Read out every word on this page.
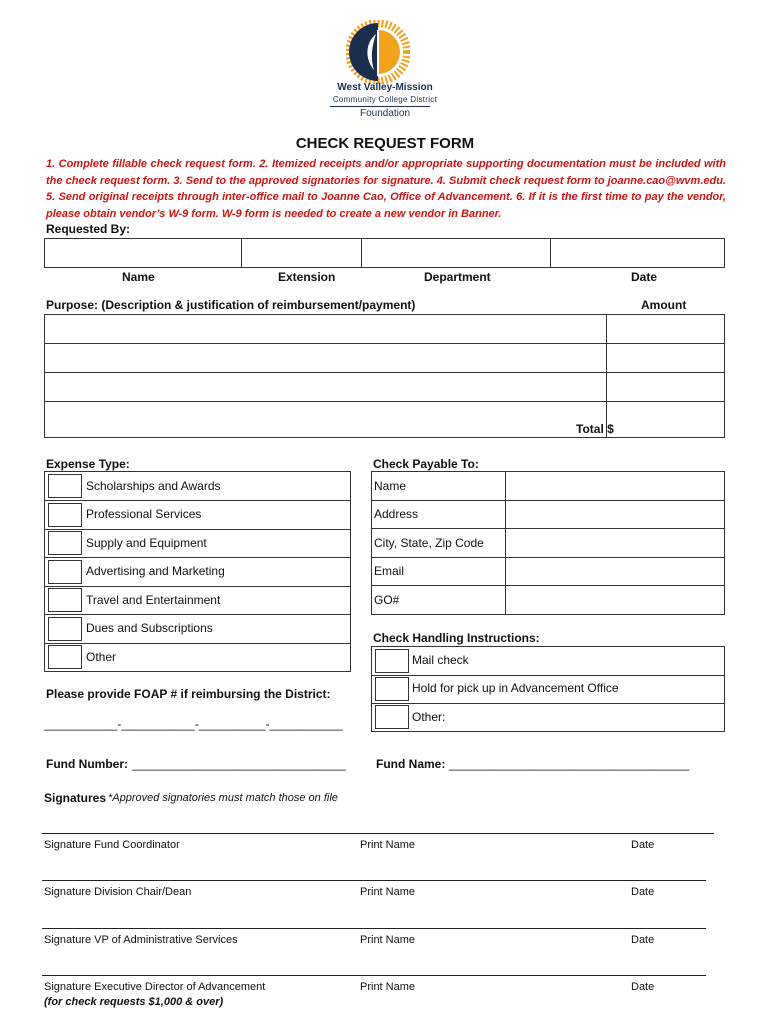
West Valley-Mission
Community College District
Foundation
CHECK REQUEST FORM
1. Complete fillable check request form. 2. Itemized receipts and/or appropriate supporting documentation must be included with the check request form. 3. Send to the approved signatories for signature. 4. Submit check request form to joanne.cao@wvm.edu. 5. Send original receipts through inter-office mail to Joanne Cao, Office of Advancement. 6. If it is the first time to pay the vendor, please obtain vendor’s W-9 form. W-9 form is needed to create a new vendor in Banner.
Requested By:
Name	Extension	Department	Date
Purpose: (Description & justification of reimbursement/payment)	Amount
Total $
Expense Type:
Scholarships and Awards
Professional Services
Supply and Equipment
Advertising and Marketing
Travel and Entertainment
Dues and Subscriptions
Other
Check Payable To:
Name
Address
City, State, Zip Code
Email
GO#
Check Handling Instructions:
Mail check
Hold for pick up in Advancement Office
Other:
Please provide FOAP # if reimbursing the District:
___________-___________-__________-___________
Fund Number: ________________________________	Fund Name: ____________________________________
Signatures *Approved signatories must match those on file
Signature Fund Coordinator	Print Name	Date
Signature Division Chair/Dean	Print Name	Date
Signature VP of Administrative Services	Print Name	Date
Signature Executive Director of Advancement	Print Name	Date
(for check requests $1,000 & over)
